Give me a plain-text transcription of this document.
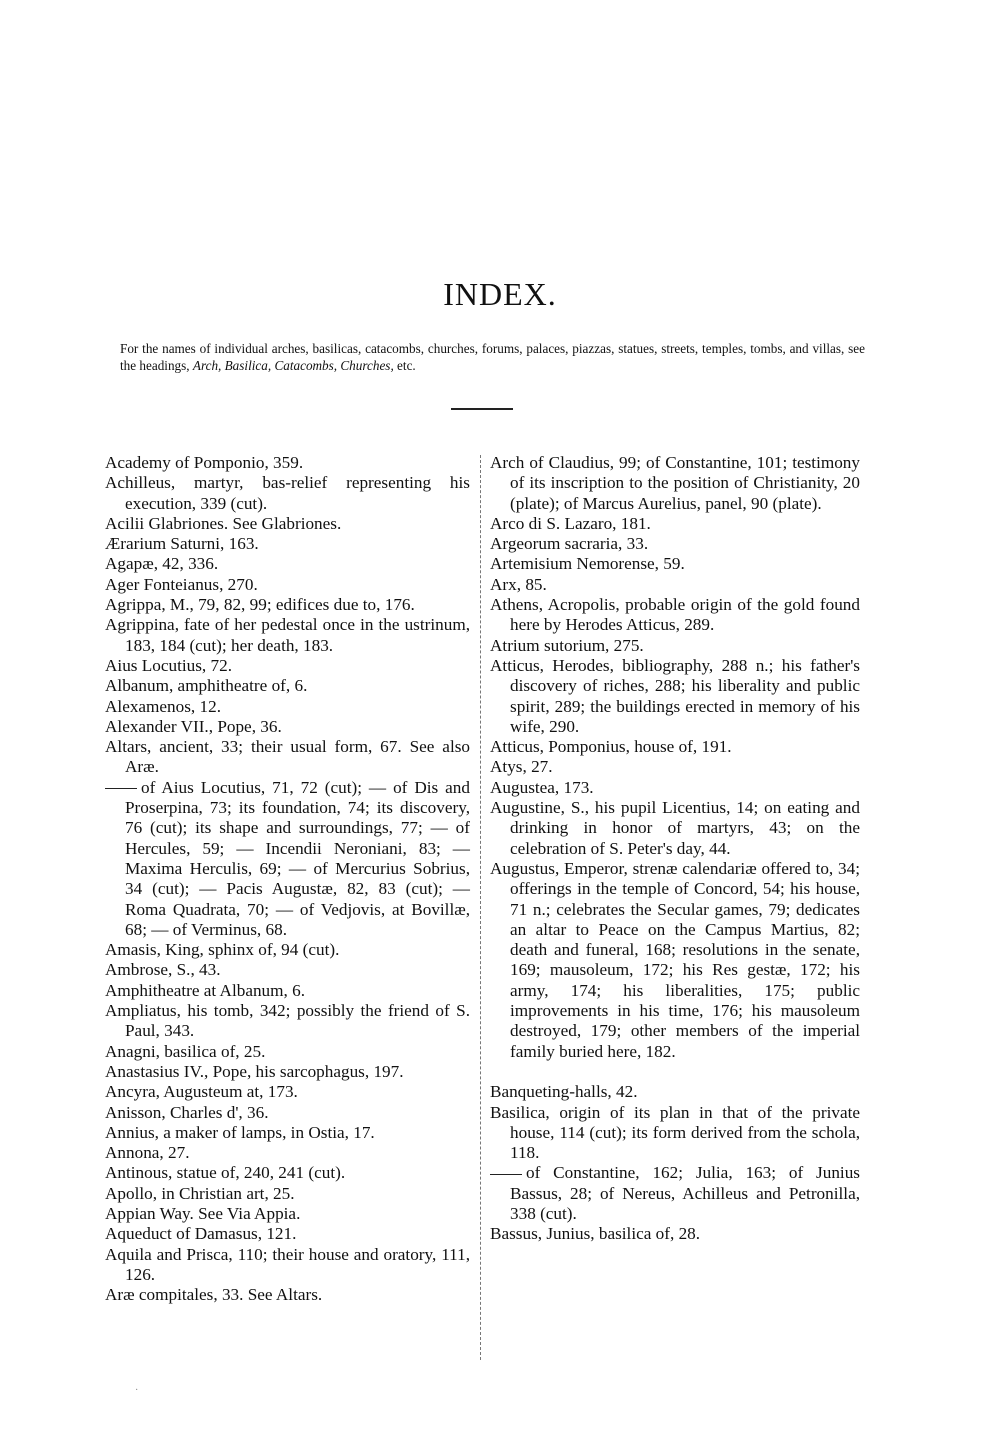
INDEX.
For the names of individual arches, basilicas, catacombs, churches, forums, palaces, piazzas, statues, streets, temples, tombs, and villas, see the headings, Arch, Basilica, Catacombs, Churches, etc.

Academy of Pomponio, 359.

Achilleus, martyr, bas-relief representing his execution, 339 (cut).

Acilii Glabriones. See Glabriones.

Ærarium Saturni, 163.

Agapæ, 42, 336.

Ager Fonteianus, 270.

Agrippa, M., 79, 82, 99; edifices due to, 176.

Agrippina, fate of her pedestal once in the ustrinum, 183, 184 (cut); her death, 183.

Aius Locutius, 72.

Albanum, amphitheatre of, 6.

Alexamenos, 12.

Alexander VII., Pope, 36.

Altars, ancient, 33; their usual form, 67. See also Aræ.

of Aius Locutius, 71, 72 (cut); — of Dis and Proserpina, 73; its foundation, 74; its discovery, 76 (cut); its shape and surroundings, 77; — of Hercules, 59; — Incendii Neroniani, 83; — Maxima Herculis, 69; — of Mercurius Sobrius, 34 (cut); — Pacis Augustæ, 82, 83 (cut); — Roma Quadrata, 70; — of Vedjovis, at Bovillæ, 68; — of Verminus, 68.

Amasis, King, sphinx of, 94 (cut).

Ambrose, S., 43.

Amphitheatre at Albanum, 6.

Ampliatus, his tomb, 342; possibly the friend of S. Paul, 343.

Anagni, basilica of, 25.

Anastasius IV., Pope, his sarcophagus, 197.

Ancyra, Augusteum at, 173.

Anisson, Charles d', 36.

Annius, a maker of lamps, in Ostia, 17.

Annona, 27.

Antinous, statue of, 240, 241 (cut).

Apollo, in Christian art, 25.

Appian Way. See Via Appia.

Aqueduct of Damasus, 121.

Aquila and Prisca, 110; their house and oratory, 111, 126.

Aræ compitales, 33. See Altars.

Arch of Claudius, 99; of Constantine, 101; testimony of its inscription to the position of Christianity, 20 (plate); of Marcus Aurelius, panel, 90 (plate).

Arco di S. Lazaro, 181.

Argeorum sacraria, 33.

Artemisium Nemorense, 59.

Arx, 85.

Athens, Acropolis, probable origin of the gold found here by Herodes Atticus, 289.

Atrium sutorium, 275.

Atticus, Herodes, bibliography, 288 n.; his father's discovery of riches, 288; his liberality and public spirit, 289; the buildings erected in memory of his wife, 290.

Atticus, Pomponius, house of, 191.

Atys, 27.

Augustea, 173.

Augustine, S., his pupil Licentius, 14; on eating and drinking in honor of martyrs, 43; on the celebration of S. Peter's day, 44.

Augustus, Emperor, strenæ calendariæ offered to, 34; offerings in the temple of Concord, 54; his house, 71 n.; celebrates the Secular games, 79; dedicates an altar to Peace on the Campus Martius, 82; death and funeral, 168; resolutions in the senate, 169; mausoleum, 172; his Res gestæ, 172; his army, 174; his liberalities, 175; public improvements in his time, 176; his mausoleum destroyed, 179; other members of the imperial family buried here, 182.

Banqueting-halls, 42.

Basilica, origin of its plan in that of the private house, 114 (cut); its form derived from the schola, 118.

of Constantine, 162; Julia, 163; of Junius Bassus, 28; of Nereus, Achilleus and Petronilla, 338 (cut).

Bassus, Junius, basilica of, 28.

·
